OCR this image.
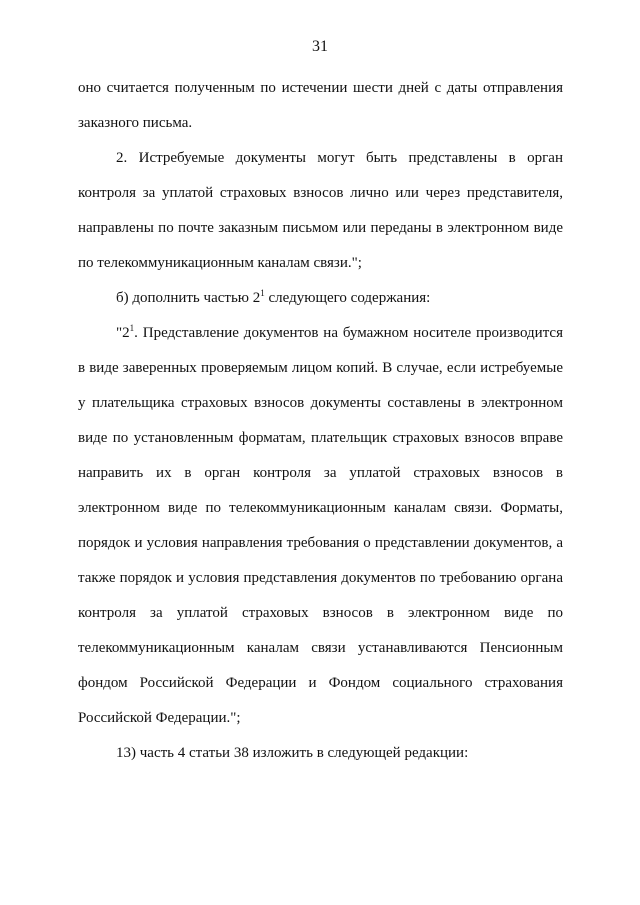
31
оно считается полученным по истечении шести дней с даты отправления
заказного письма.
2. Истребуемые документы могут быть представлены в орган
контроля за уплатой страховых взносов лично или через представителя,
направлены по почте заказным письмом или переданы в электронном виде
по телекоммуникационным каналам связи.";
б) дополнить частью $2^1$ следующего содержания:
"$2^1$. Представление документов на бумажном носителе производится
в виде заверенных проверяемым лицом копий. В случае, если истребуемые
у плательщика страховых взносов документы составлены в электронном
виде по установленным форматам, плательщик страховых взносов вправе
направить их в орган контроля за уплатой страховых взносов в
электронном виде по телекоммуникационным каналам связи. Форматы,
порядок и условия направления требования о представлении документов, а
также порядок и условия представления документов по требованию органа
контроля за уплатой страховых взносов в электронном виде по
телекоммуникационным каналам связи устанавливаются Пенсионным
фондом Российской Федерации и Фондом социального страхования
Российской Федерации.";
13) часть 4 статьи 38 изложить в следующей редакции:
